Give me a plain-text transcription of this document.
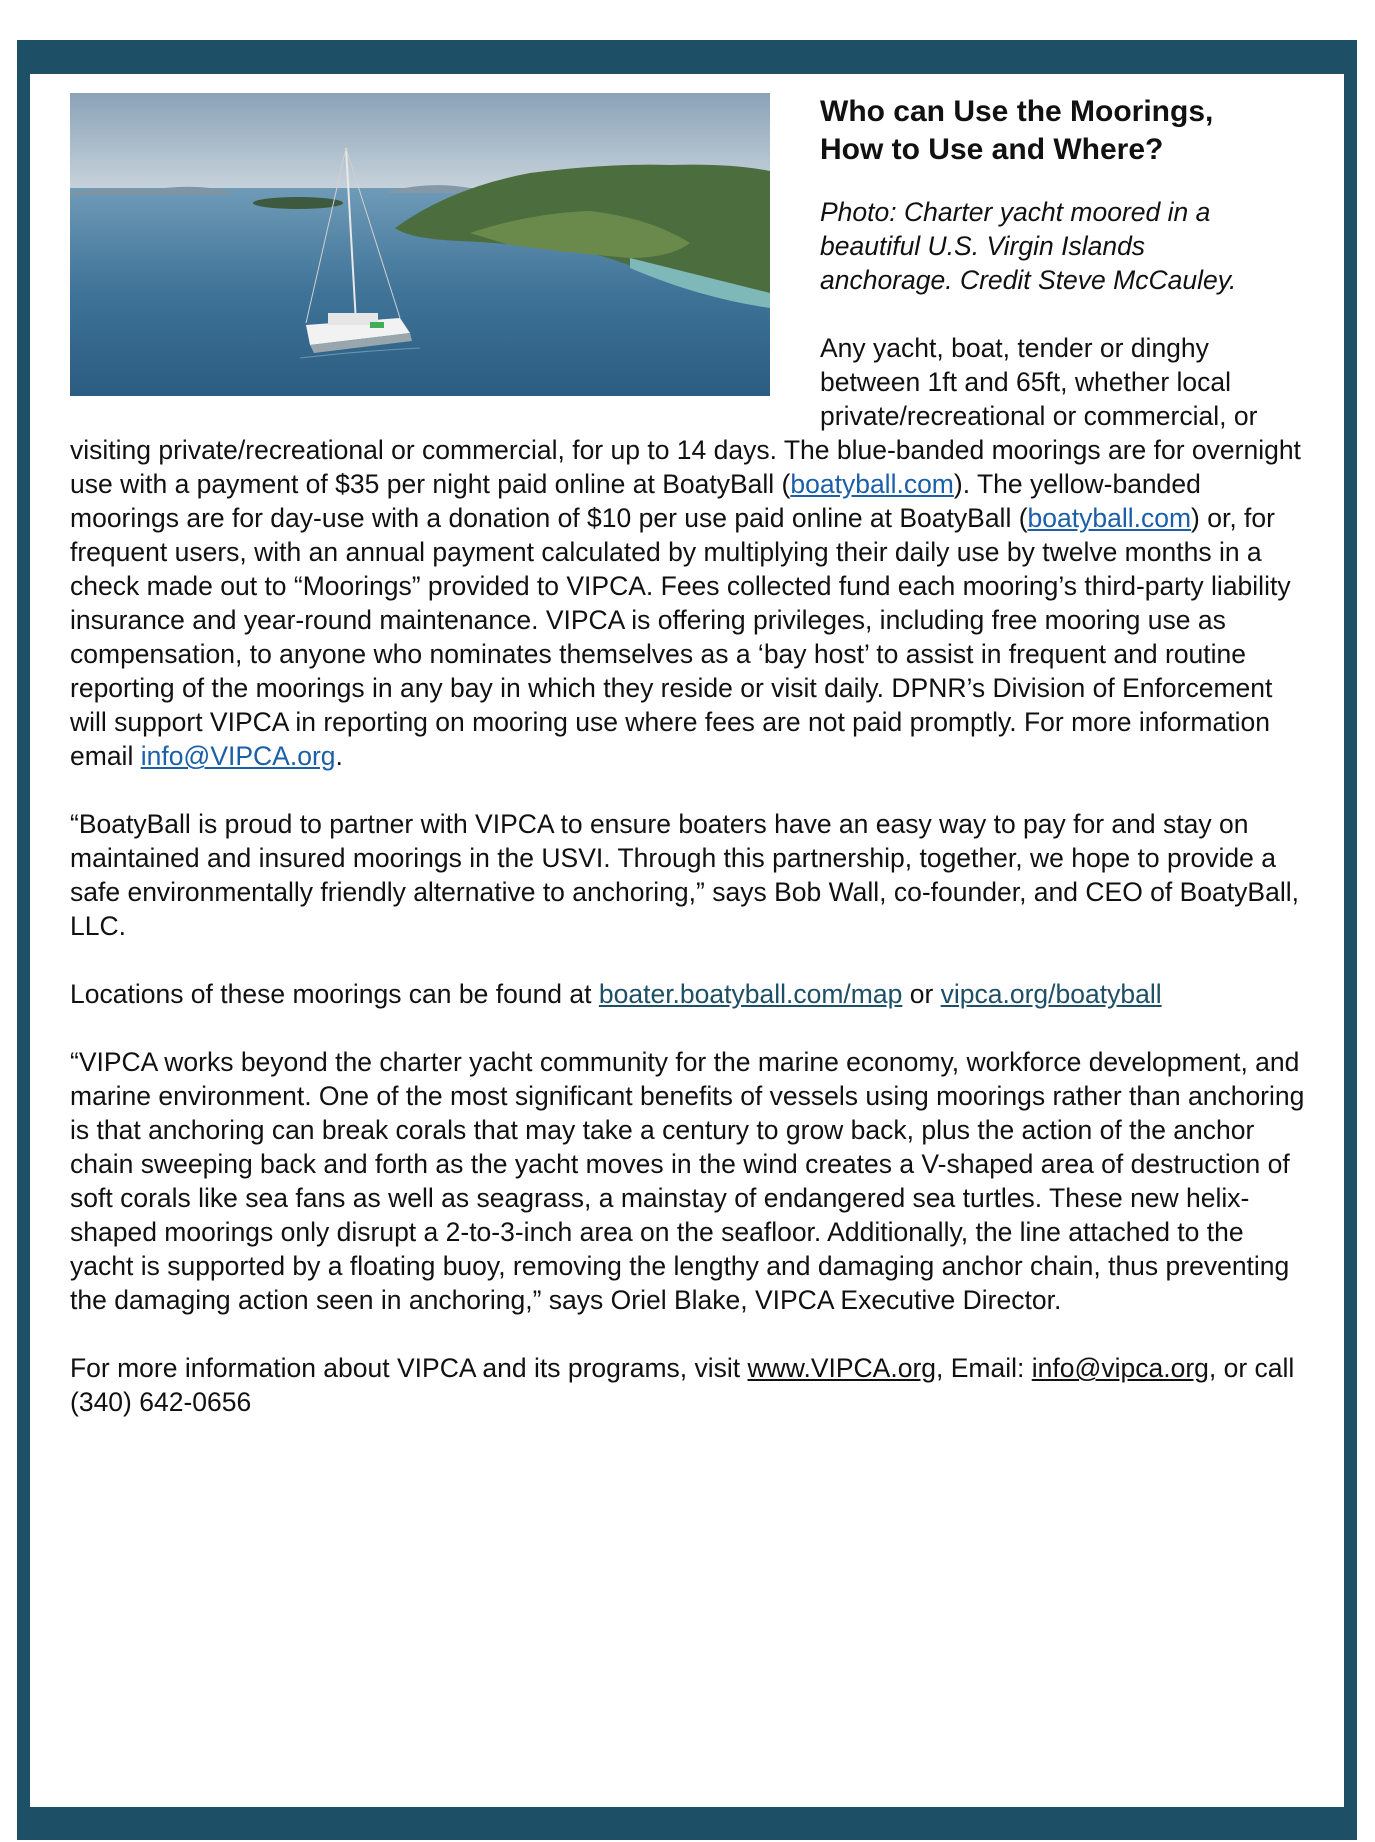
Who can Use the Moorings,
How to Use and Where?

Photo: Charter yacht moored in a
beautiful U.S. Virgin Islands
anchorage. Credit Steve McCauley.

Any yacht, boat, tender or dinghy between 1ft and 65ft, whether local private/recreational or commercial, or visiting private/recreational or commercial, for up to 14 days. The blue-banded moorings are for overnight use with a payment of $35 per night paid online at BoatyBall (boatyball.com). The yellow-banded moorings are for day-use with a donation of $10 per use paid online at BoatyBall (boatyball.com) or, for frequent users, with an annual payment calculated by multiplying their daily use by twelve months in a check made out to “Moorings” provided to VIPCA. Fees collected fund each mooring’s third-party liability insurance and year-round maintenance. VIPCA is offering privileges, including free mooring use as compensation, to anyone who nominates themselves as a ‘bay host’ to assist in frequent and routine reporting of the moorings in any bay in which they reside or visit daily. DPNR’s Division of Enforcement will support VIPCA in reporting on mooring use where fees are not paid promptly. For more information email info@VIPCA.org.

“BoatyBall is proud to partner with VIPCA to ensure boaters have an easy way to pay for and stay on maintained and insured moorings in the USVI. Through this partnership, together, we hope to provide a safe environmentally friendly alternative to anchoring,” says Bob Wall, co-founder, and CEO of BoatyBall, LLC.

Locations of these moorings can be found at boater.boatyball.com/map or vipca.org/boatyball

“VIPCA works beyond the charter yacht community for the marine economy, workforce development, and marine environment. One of the most significant benefits of vessels using moorings rather than anchoring is that anchoring can break corals that may take a century to grow back, plus the action of the anchor chain sweeping back and forth as the yacht moves in the wind creates a V-shaped area of destruction of soft corals like sea fans as well as seagrass, a mainstay of endangered sea turtles. These new helix-shaped moorings only disrupt a 2-to-3-inch area on the seafloor. Additionally, the line attached to the yacht is supported by a floating buoy, removing the lengthy and damaging anchor chain, thus preventing the damaging action seen in anchoring,” says Oriel Blake, VIPCA Executive Director.

For more information about VIPCA and its programs, visit www.VIPCA.org, Email: info@vipca.org, or call (340) 642-0656
